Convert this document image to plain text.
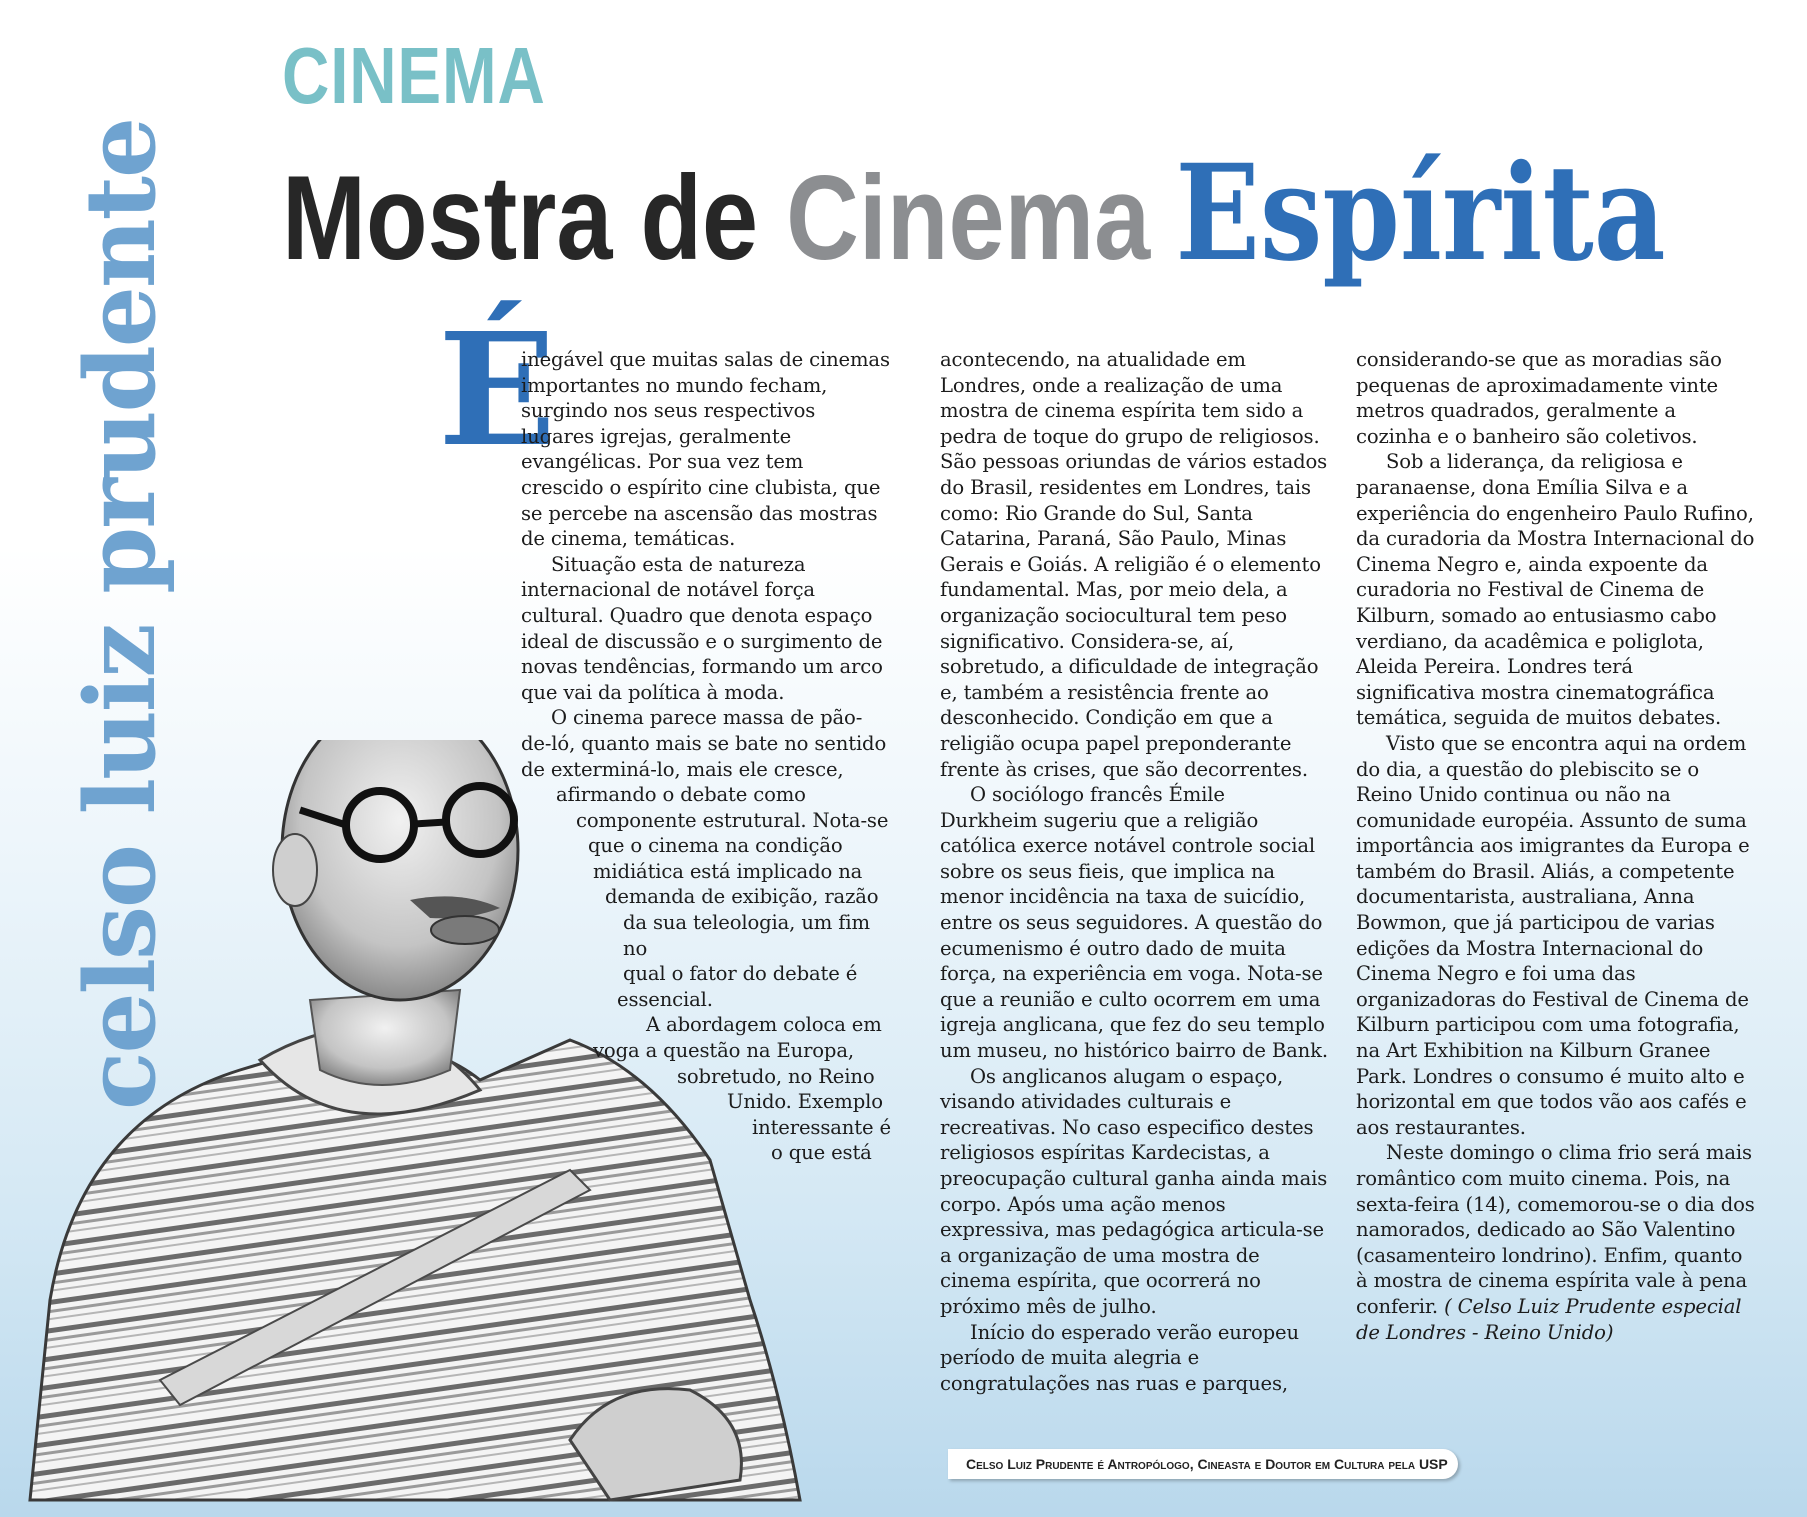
CINEMA
Mostra de Cinema Espírita
celso luiz prudente É

inegável que muitas salas de cinemas importantes no mundo fecham, surgindo nos seus respectivos lugares igrejas, geralmente evangélicas. Por sua vez tem crescido o espírito cine clubista, que se percebe na ascensão das mostras de cinema, temáticas.

Situação esta de natureza internacional de notável força cultural. Quadro que denota espaço ideal de discussão e o surgimento de novas tendências, formando um arco que vai da política à moda.

O cinema parece massa de pão-de-ló, quanto mais se bate no sentido de exterminá-lo, mais ele cresce,

afirmando o debate como
componente estrutural. Nota-se
que o cinema na condição
midiática está implicado na
demanda de exibição, razão
da sua teleologia, um fim no
qual o fator do debate é
essencial.
A abordagem coloca em
voga a questão na Europa,
sobretudo, no Reino
Unido. Exemplo
interessante é
o que está

acontecendo, na atualidade em Londres, onde a realização de uma mostra de cinema espírita tem sido a pedra de toque do grupo de religiosos. São pessoas oriundas de vários estados do Brasil, residentes em Londres, tais como: Rio Grande do Sul, Santa Catarina, Paraná, São Paulo, Minas Gerais e Goiás. A religião é o elemento fundamental. Mas, por meio dela, a organização sociocultural tem peso significativo. Considera-se, aí, sobretudo, a dificuldade de integração e, também a resistência frente ao desconhecido. Condição em que a religião ocupa papel preponderante frente às crises, que são decorrentes.

O sociólogo francês Émile Durkheim sugeriu que a religião católica exerce notável controle social sobre os seus fieis, que implica na menor incidência na taxa de suicídio, entre os seus seguidores. A questão do ecumenismo é outro dado de muita força, na experiência em voga. Nota-se que a reunião e culto ocorrem em uma igreja anglicana, que fez do seu templo um museu, no histórico bairro de Bank.

Os anglicanos alugam o espaço, visando atividades culturais e recreativas. No caso especifico destes religiosos espíritas Kardecistas, a preocupação cultural ganha ainda mais corpo. Após uma ação menos expressiva, mas pedagógica articula-se a organização de uma mostra de cinema espírita, que ocorrerá no próximo mês de julho.

Início do esperado verão europeu período de muita alegria e congratulações nas ruas e parques,

considerando-se que as moradias são pequenas de aproximadamente vinte metros quadrados, geralmente a cozinha e o banheiro são coletivos.

Sob a liderança, da religiosa e paranaense, dona Emília Silva e a experiência do engenheiro Paulo Rufino, da curadoria da Mostra Internacional do Cinema Negro e, ainda expoente da curadoria no Festival de Cinema de Kilburn, somado ao entusiasmo cabo verdiano, da acadêmica e poliglota, Aleida Pereira. Londres terá significativa mostra cinematográfica temática, seguida de muitos debates.

Visto que se encontra aqui na ordem do dia, a questão do plebiscito se o Reino Unido continua ou não na comunidade européia. Assunto de suma importância aos imigrantes da Europa e também do Brasil. Aliás, a competente documentarista, australiana, Anna Bowmon, que já participou de varias edições da Mostra Internacional do Cinema Negro e foi uma das organizadoras do Festival de Cinema de Kilburn participou com uma fotografia, na Art Exhibition na Kilburn Granee Park. Londres o consumo é muito alto e horizontal em que todos vão aos cafés e aos restaurantes.

Neste domingo o clima frio será mais romântico com muito cinema. Pois, na sexta-feira (14), comemorou-se o dia dos namorados, dedicado ao São Valentino (casamenteiro londrino). Enfim, quanto à mostra de cinema espírita vale à pena conferir. ( Celso Luiz Prudente especial de Londres - Reino Unido)

Celso Luiz Prudente é Antropólogo, Cineasta e Doutor em Cultura pela USP
